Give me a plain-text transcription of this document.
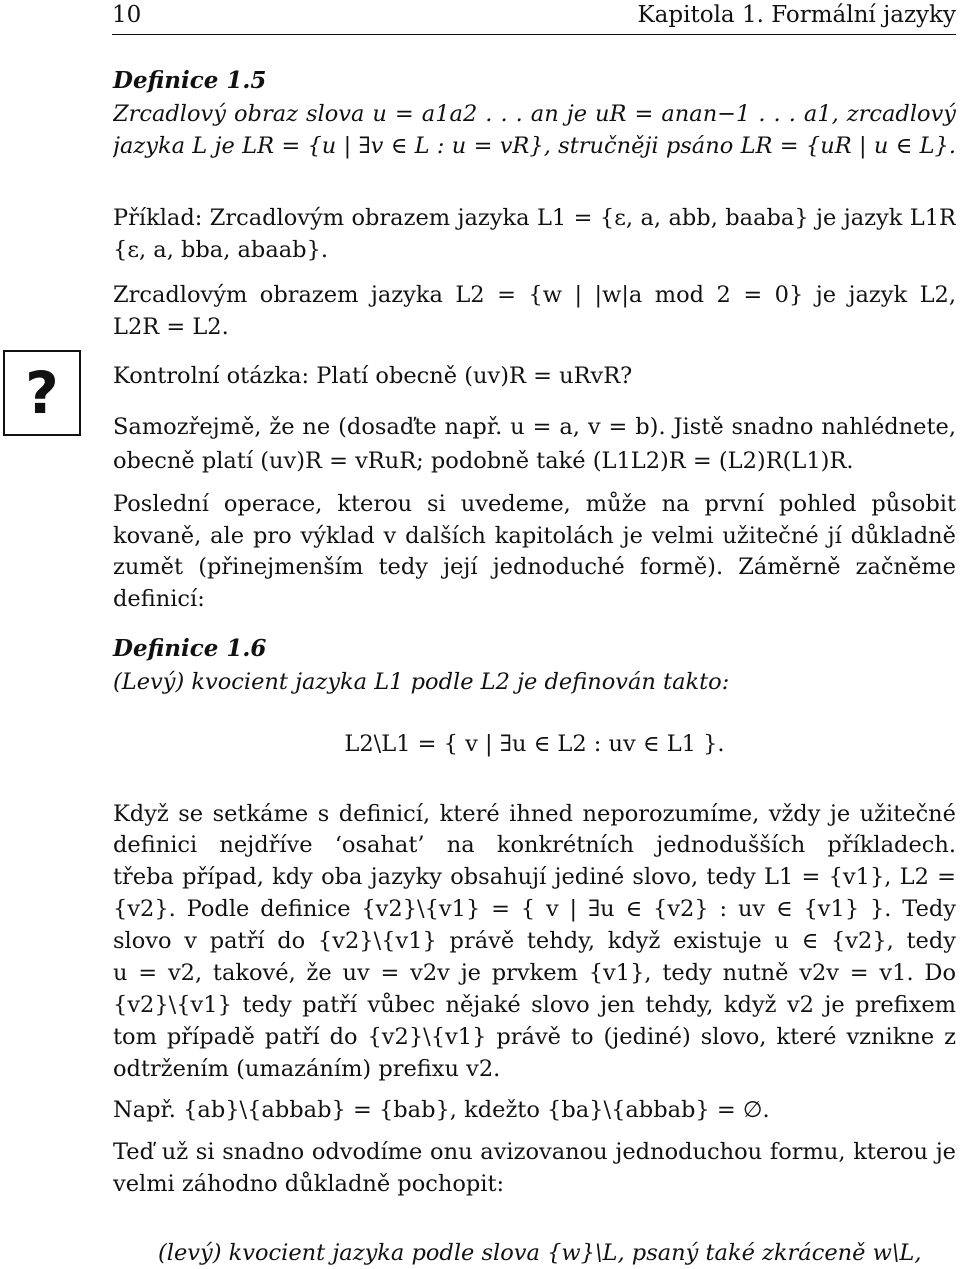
10	Kapitola 1. Formální jazyky
Definice 1.5
Zrcadlový obraz slova u = a1a2 . . . an je uR = anan−1 . . . a1, zrcadlový
jazyka L je LR = {u | ∃v ∈ L : u = vR}, stručněji psáno LR = {uR | u ∈ L}.
Příklad: Zrcadlovým obrazem jazyka L1 = {ε, a, abb, baaba} je jazyk L1R
{ε, a, bba, abaab}.
Zrcadlovým obrazem jazyka L2 = {w | |w|a mod 2 = 0} je jazyk L2,
L2R = L2.
? Kontrolní otázka: Platí obecně (uv)R = uRvR?
Samozřejmě, že ne (dosaďte např. u = a, v = b). Jistě snadno nahlédnete,
obecně platí (uv)R = vRuR; podobně také (L1L2)R = (L2)R(L1)R.
Poslední operace, kterou si uvedeme, může na první pohled působit
kovaně, ale pro výklad v dalších kapitolách je velmi užitečné jí důkladně
zumět (přinejmenším tedy její jednoduché formě). Záměrně začněme
definicí:
Definice 1.6
(Levý) kvocient jazyka L1 podle L2 je definován takto:
L2\L1 = { v | ∃u ∈ L2 : uv ∈ L1 }.
Když se setkáme s definicí, které ihned neporozumíme, vždy je užitečné
definici nejdříve ‘osahat’ na konkrétních jednodušších příkladech.
třeba případ, kdy oba jazyky obsahují jediné slovo, tedy L1 = {v1}, L2 =
{v2}. Podle definice {v2}\{v1} = { v | ∃u ∈ {v2} : uv ∈ {v1} }. Tedy
slovo v patří do {v2}\{v1} právě tehdy, když existuje u ∈ {v2}, tedy
u = v2, takové, že uv = v2v je prvkem {v1}, tedy nutně v2v = v1. Do
{v2}\{v1} tedy patří vůbec nějaké slovo jen tehdy, když v2 je prefixem
tom případě patří do {v2}\{v1} právě to (jediné) slovo, které vznikne z
odtržením (umazáním) prefixu v2.
Např. {ab}\{abbab} = {bab}, kdežto {ba}\{abbab} = ∅.
Teď už si snadno odvodíme onu avizovanou jednoduchou formu, kterou je
velmi záhodno důkladně pochopit:
(levý) kvocient jazyka podle slova {w}\L, psaný také zkráceně w\L,
